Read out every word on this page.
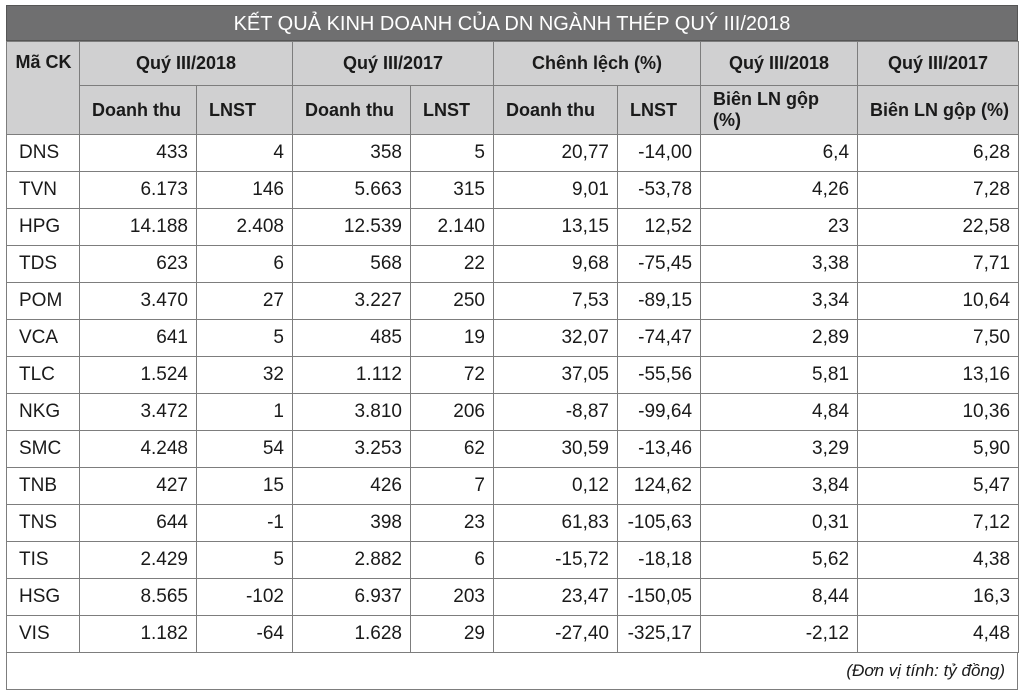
KẾT QUẢ KINH DOANH CỦA DN NGÀNH THÉP QUÝ III/2018
Mã CK	Quý III/2018		Quý III/2017		Chênh lệch (%)		Quý III/2018	Quý III/2017
	Doanh thu	LNST	Doanh thu	LNST	Doanh thu	LNST	Biên LN gộp (%)	Biên LN gộp (%)
DNS	433	4	358	5	20,77	-14,00	6,4	6,28
TVN	6.173	146	5.663	315	9,01	-53,78	4,26	7,28
HPG	14.188	2.408	12.539	2.140	13,15	12,52	23	22,58
TDS	623	6	568	22	9,68	-75,45	3,38	7,71
POM	3.470	27	3.227	250	7,53	-89,15	3,34	10,64
VCA	641	5	485	19	32,07	-74,47	2,89	7,50
TLC	1.524	32	1.112	72	37,05	-55,56	5,81	13,16
NKG	3.472	1	3.810	206	-8,87	-99,64	4,84	10,36
SMC	4.248	54	3.253	62	30,59	-13,46	3,29	5,90
TNB	427	15	426	7	0,12	124,62	3,84	5,47
TNS	644	-1	398	23	61,83	-105,63	0,31	7,12
TIS	2.429	5	2.882	6	-15,72	-18,18	5,62	4,38
HSG	8.565	-102	6.937	203	23,47	-150,05	8,44	16,3
VIS	1.182	-64	1.628	29	-27,40	-325,17	-2,12	4,48
(Đơn vị tính: tỷ đồng)
